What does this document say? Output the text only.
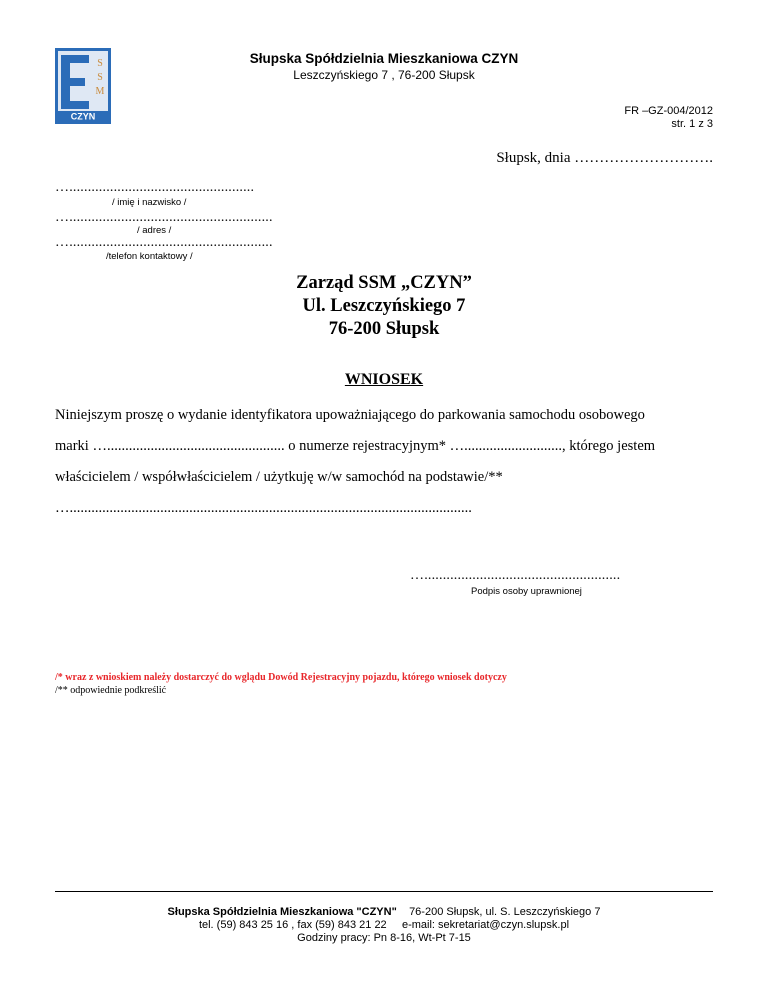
S
S
M
CZYN
Słupska Spółdzielnia Mieszkaniowa CZYN
Leszczyńskiego 7 , 76-200 Słupsk
FR –GZ-004/2012
str. 1 z 3
Słupsk, dnia ……………………….
…..................................................
/ imię i nazwisko /
….......................................................
/ adres /
….......................................................
/telefon kontaktowy /
Zarząd SSM „CZYN”
Ul. Leszczyńskiego 7
76-200 Słupsk
WNIOSEK
Niniejszym proszę o wydanie identyfikatora upoważniającego do parkowania samochodu osobowego
marki …................................................. o numerze rejestracyjnym* …..........................., którego jestem
właścicielem / współwłaścicielem / użytkuję w/w samochód na podstawie/**
…...............................................................................................................
….....................................................
Podpis osoby uprawnionej
/* wraz z wnioskiem należy dostarczyć do wglądu Dowód Rejestracyjny pojazdu, którego wniosek dotyczy
/** odpowiednie podkreślić
Słupska Spółdzielnia Mieszkaniowa "CZYN" 76-200 Słupsk, ul. S. Leszczyńskiego 7
tel. (59) 843 25 16 , fax (59) 843 21 22 e-mail: sekretariat@czyn.slupsk.pl
Godziny pracy: Pn 8-16, Wt-Pt 7-15
